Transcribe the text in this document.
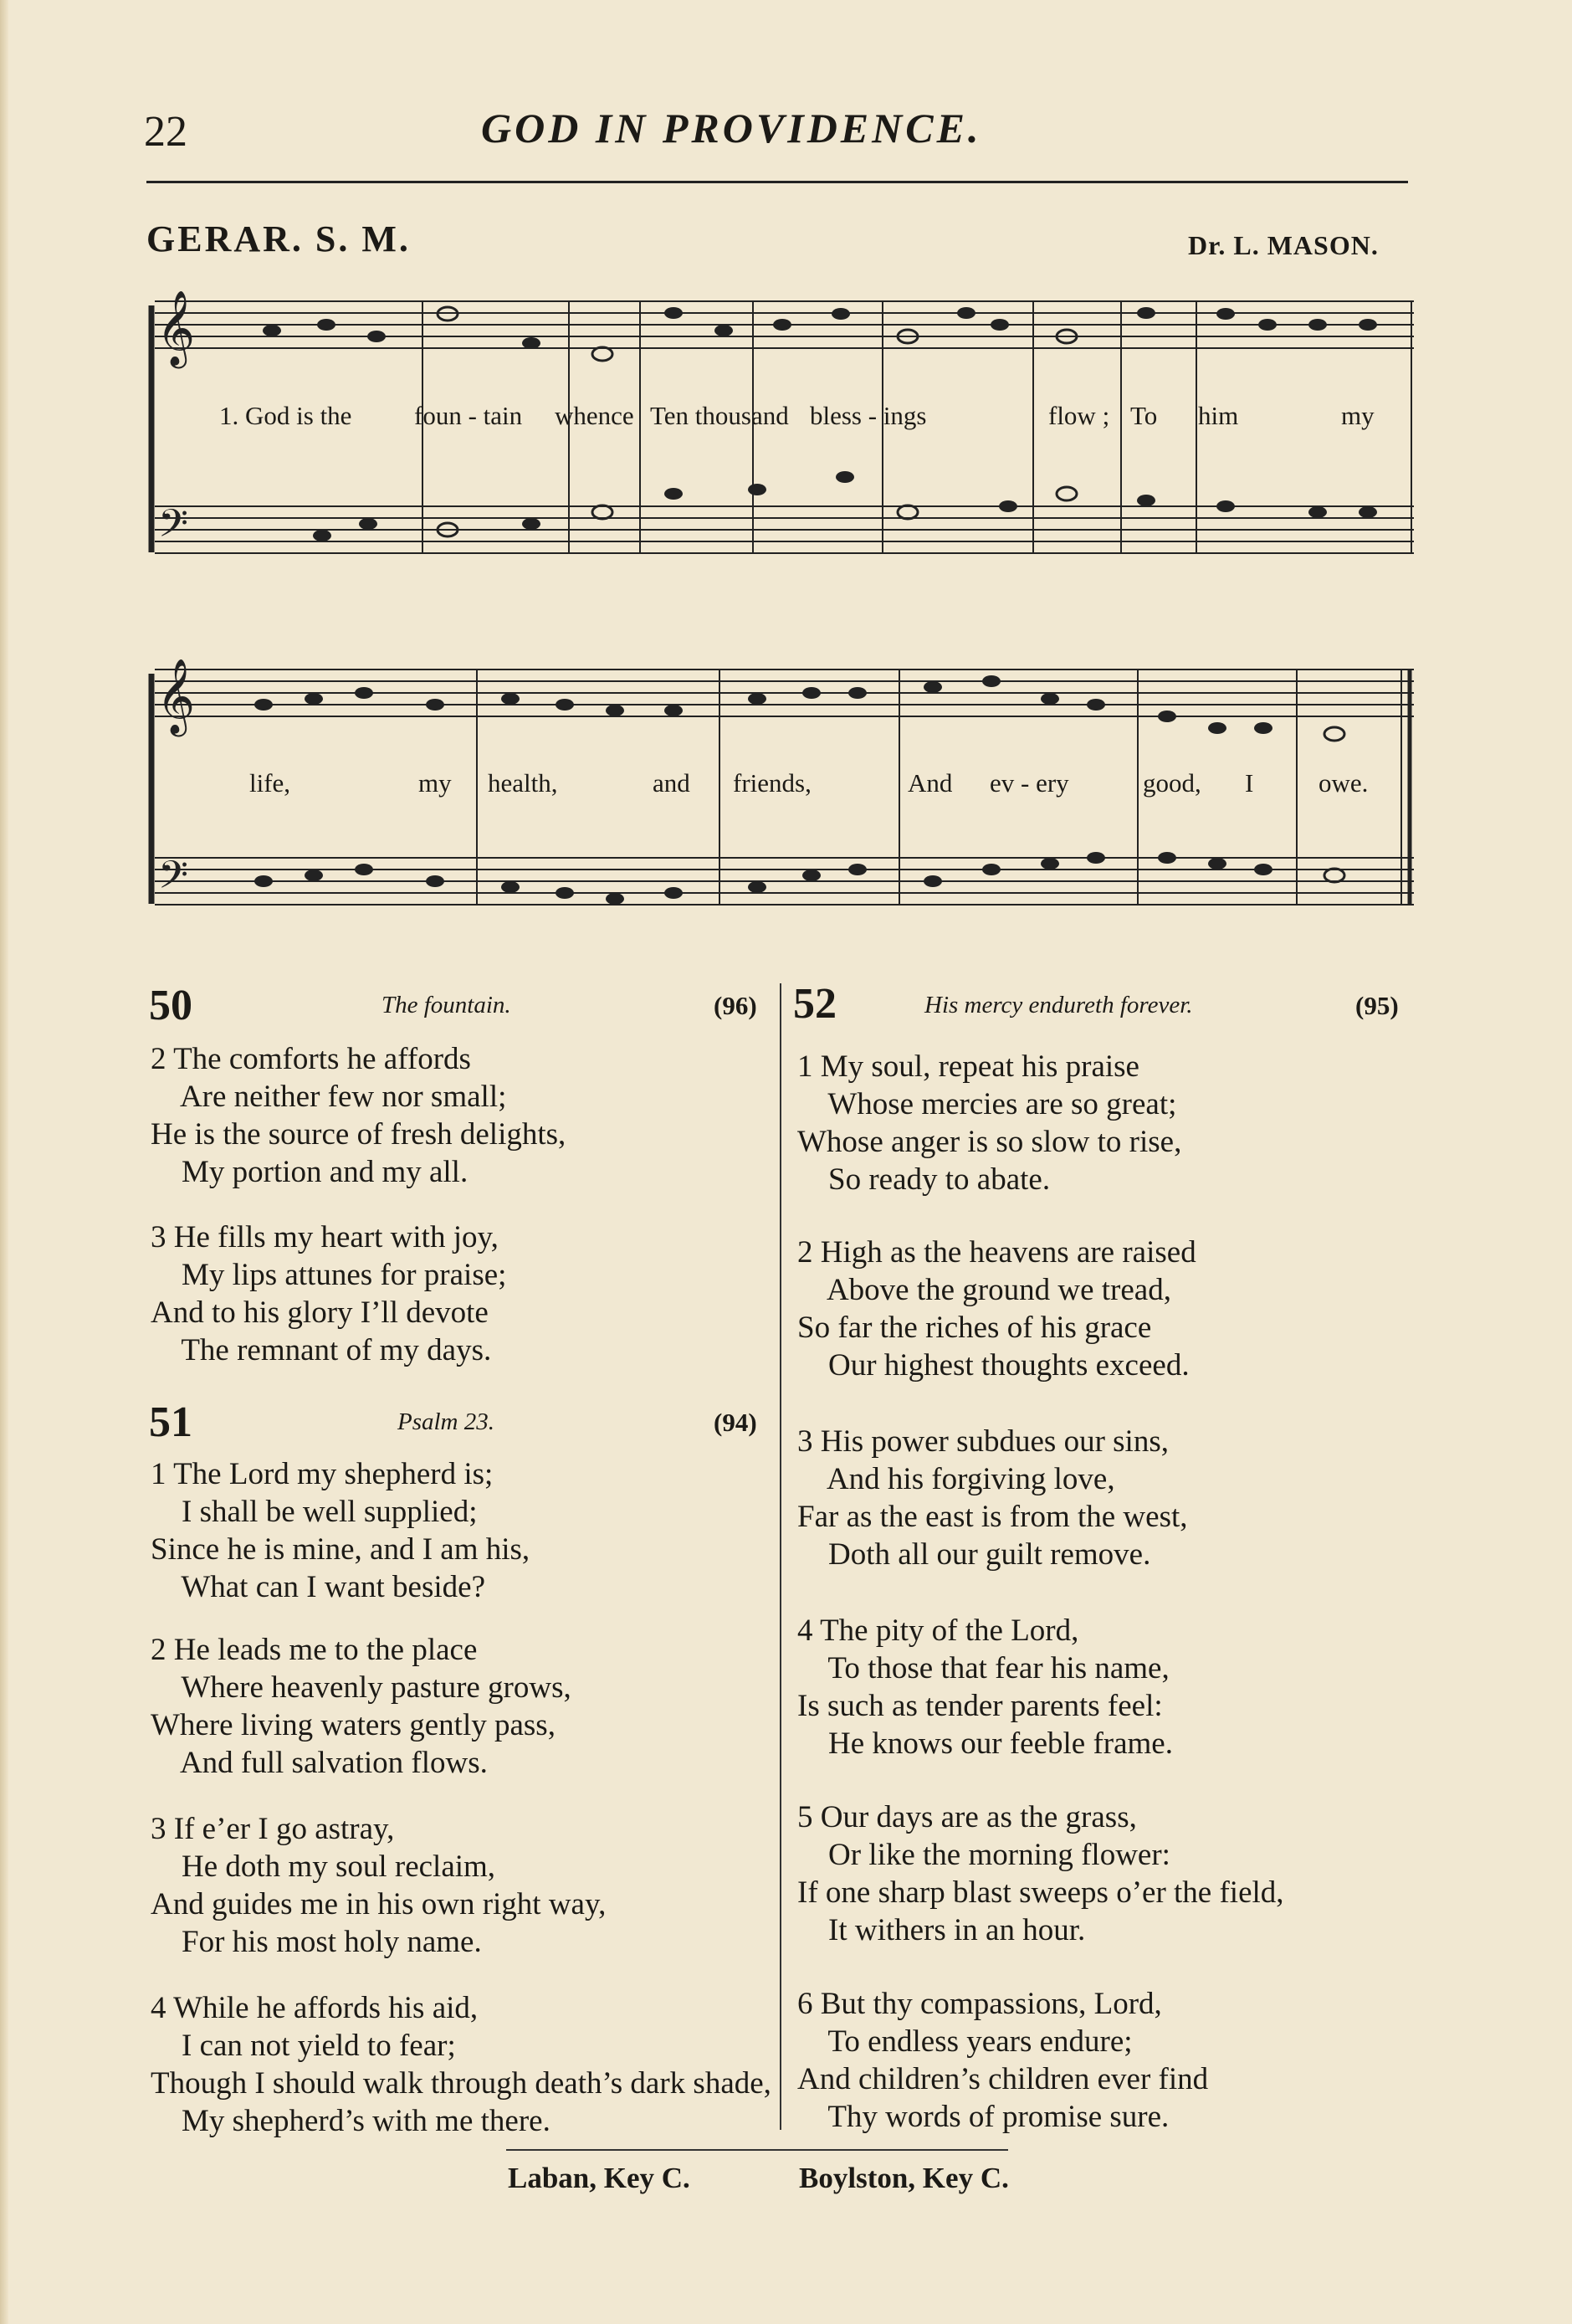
22	GOD IN PROVIDENCE.
GERAR. S. M.	Dr. L. MASON.
𝄞
𝄢
𝄞
𝄢
1. God is the foun - tain whence Ten thousand bless - ings	flow ; To him	my
life,	my health,	and friends,	And ev - ery	good, I	owe.
50	The fountain.	(96)
2 The comforts he affords
Are neither few nor small;
He is the source of fresh delights,
My portion and my all.
3 He fills my heart with joy,
My lips attunes for praise;
And to his glory I’ll devote
The remnant of my days.
51	Psalm 23.	(94)
1 The Lord my shepherd is;
I shall be well supplied;
Since he is mine, and I am his,
What can I want beside?
2 He leads me to the place
Where heavenly pasture grows,
Where living waters gently pass,
And full salvation flows.
3 If e’er I go astray,
He doth my soul reclaim,
And guides me in his own right way,
For his most holy name.
4 While he affords his aid,
I can not yield to fear;
Though I should walk through death’s dark shade,
My shepherd’s with me there.
52	His mercy endureth forever.	(95)
1 My soul, repeat his praise
Whose mercies are so great;
Whose anger is so slow to rise,
So ready to abate.
2 High as the heavens are raised
Above the ground we tread,
So far the riches of his grace
Our highest thoughts exceed.
3 His power subdues our sins,
And his forgiving love,
Far as the east is from the west,
Doth all our guilt remove.
4 The pity of the Lord,
To those that fear his name,
Is such as tender parents feel:
He knows our feeble frame.
5 Our days are as the grass,
Or like the morning flower:
If one sharp blast sweeps o’er the field,
It withers in an hour.
6 But thy compassions, Lord,
To endless years endure;
And children’s children ever find
Thy words of promise sure.
Laban, Key C.	Boylston, Key C.
